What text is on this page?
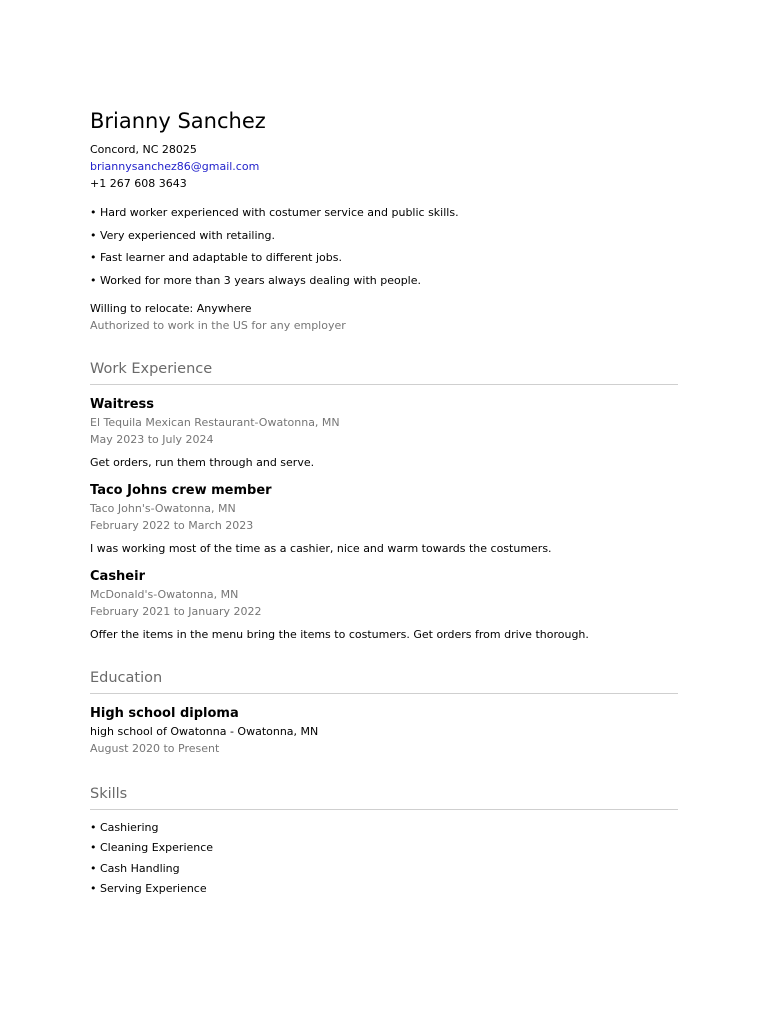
Brianny Sanchez
Concord, NC 28025
briannysanchez86@gmail.com
+1 267 608 3643
• Hard worker experienced with costumer service and public skills.
• Very experienced with retailing.
• Fast learner and adaptable to different jobs.
• Worked for more than 3 years always dealing with people.
Willing to relocate: Anywhere
Authorized to work in the US for any employer
Work Experience
Waitress
El Tequila Mexican Restaurant-Owatonna, MN
May 2023 to July 2024
Get orders, run them through and serve.
Taco Johns crew member
Taco John's-Owatonna, MN
February 2022 to March 2023
I was working most of the time as a cashier, nice and warm towards the costumers.
Casheir
McDonald's-Owatonna, MN
February 2021 to January 2022
Offer the items in the menu bring the items to costumers. Get orders from drive thorough.
Education
High school diploma
high school of Owatonna - Owatonna, MN
August 2020 to Present
Skills
• Cashiering
• Cleaning Experience
• Cash Handling
• Serving Experience
